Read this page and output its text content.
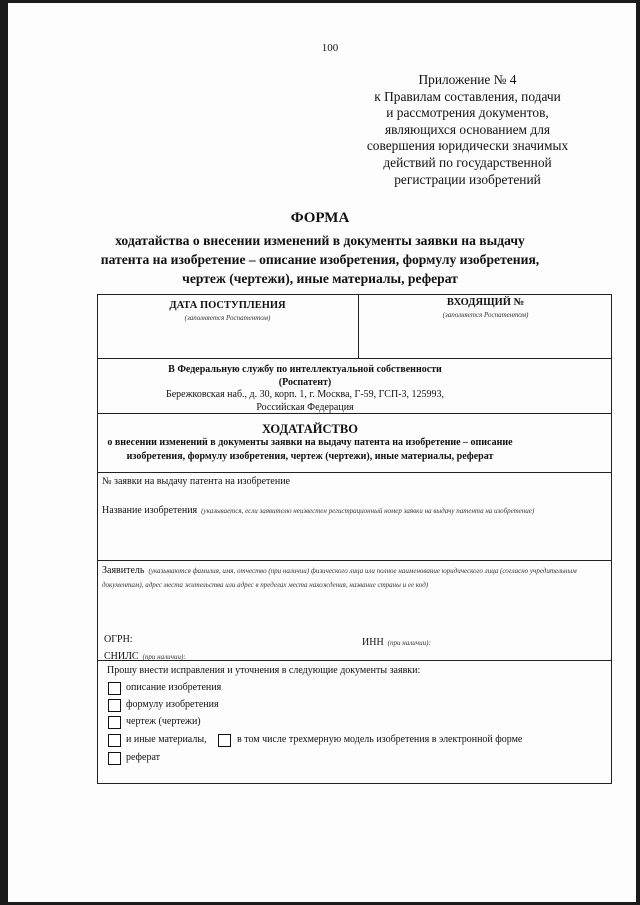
100
Приложение № 4
к Правилам составления, подачи
и рассмотрения документов,
являющихся основанием для
совершения юридически значимых
действий по государственной
регистрации изобретений
ФОРМА
ходатайства о внесении изменений в документы заявки на выдачу
патента на изобретение – описание изобретения, формулу изобретения,
чертеж (чертежи), иные материалы, реферат
ДАТА ПОСТУПЛЕНИЯ
(заполняется Роспатентом)
ВХОДЯЩИЙ №
(заполняется Роспатентом)
В Федеральную службу по интеллектуальной собственности
(Роспатент)
Бережковская наб., д. 30, корп. 1, г. Москва, Г-59, ГСП-3, 125993,
Российская Федерация
ХОДАТАЙСТВО
о внесении изменений в документы заявки на выдачу патента на изобретение – описание
изобретения, формулу изобретения, чертеж (чертежи), иные материалы, реферат
№ заявки на выдачу патента на изобретение
Название изобретения (указывается, если заявителю неизвестен регистрационный номер заявки на выдачу патента на изобретение)
Заявитель (указываются фамилия, имя, отчество (при наличии) физического лица или полное наименование юридического лица (согласно учредительным документам), адрес места жительства или адрес в пределах места нахождения, название страны и ее код)
ОГРН:	ИНН (при наличии):
СНИЛС (при наличии):
Прошу внести исправления и уточнения в следующие документы заявки:
описание изобретения
формулу изобретения
чертеж (чертежи)
и иные материалы,	в том числе трехмерную модель изобретения в электронной форме
реферат
